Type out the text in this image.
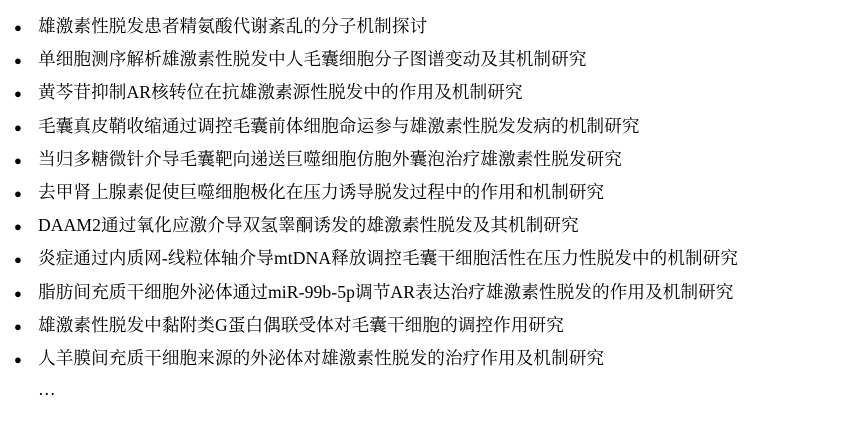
●
雄激素性脱发患者精氨酸代谢紊乱的分子机制探讨
●
单细胞测序解析雄激素性脱发中人毛囊细胞分子图谱变动及其机制研究
●
黄芩苷抑制AR核转位在抗雄激素源性脱发中的作用及机制研究
●
毛囊真皮鞘收缩通过调控毛囊前体细胞命运参与雄激素性脱发发病的机制研究
●
当归多糖微针介导毛囊靶向递送巨噬细胞仿胞外囊泡治疗雄激素性脱发研究
●
去甲肾上腺素促使巨噬细胞极化在压力诱导脱发过程中的作用和机制研究
●
DAAM2通过氧化应激介导双氢睾酮诱发的雄激素性脱发及其机制研究
●
炎症通过内质网-线粒体轴介导mtDNA释放调控毛囊干细胞活性在压力性脱发中的机制研究
●
脂肪间充质干细胞外泌体通过miR-99b-5p调节AR表达治疗雄激素性脱发的作用及机制研究
●
雄激素性脱发中黏附类G蛋白偶联受体对毛囊干细胞的调控作用研究
●
人羊膜间充质干细胞来源的外泌体对雄激素性脱发的治疗作用及机制研究
…
